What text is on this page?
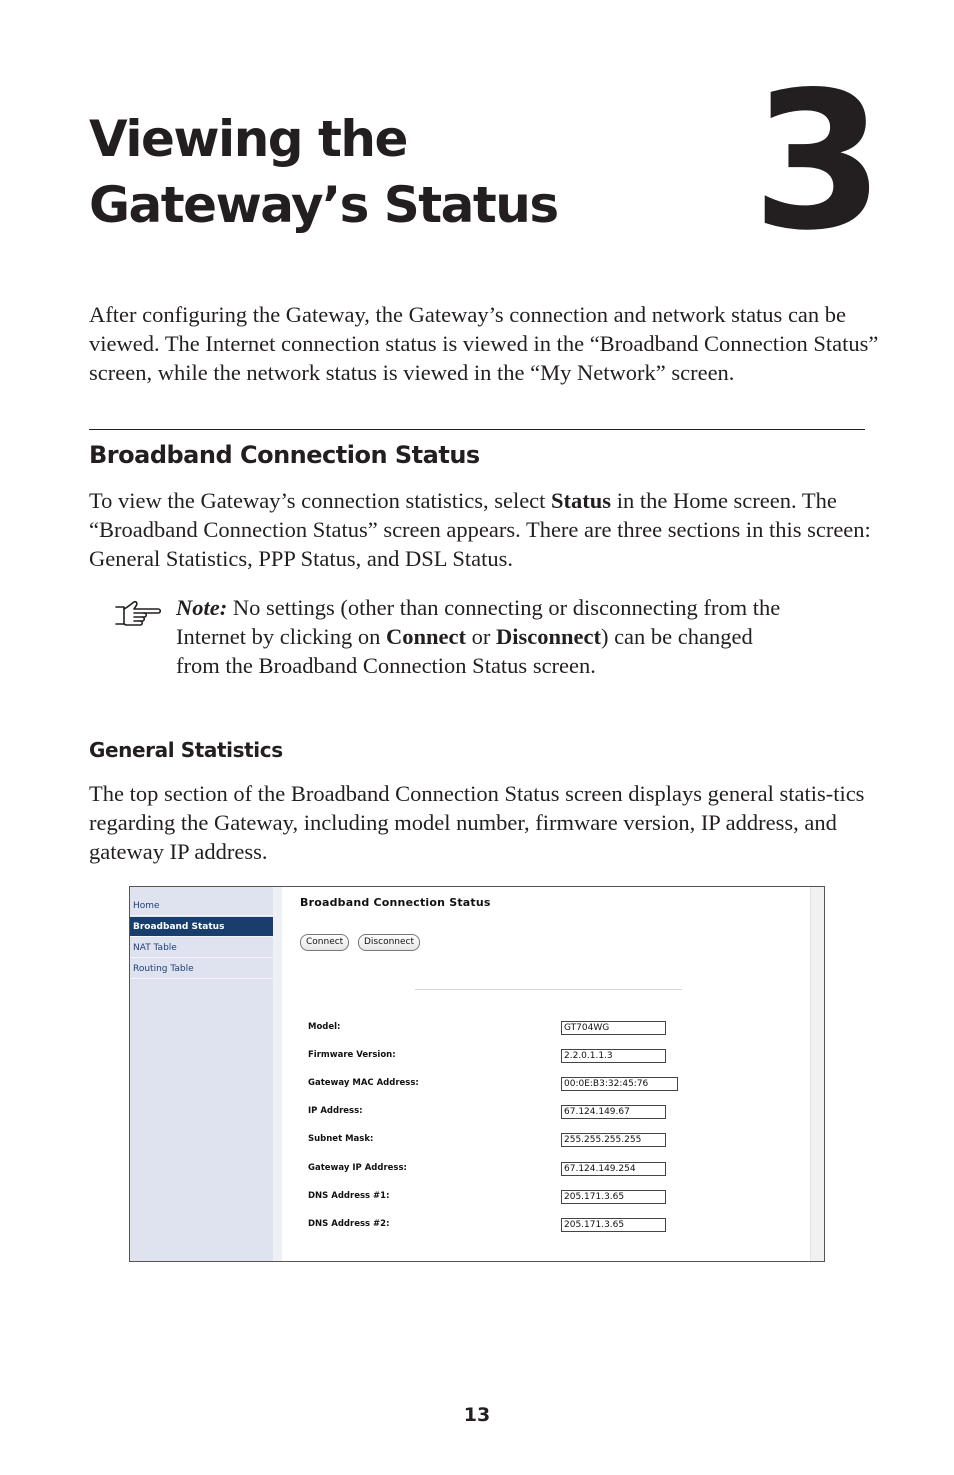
Viewing the
Gateway’s Status	3

After configuring the Gateway, the Gateway’s connection and network status can be viewed. The Internet connection status is viewed in the “Broadband Connection Status” screen, while the network status is viewed in the “My Network” screen.

Broadband Connection Status

To view the Gateway’s connection statistics, select Status in the Home screen. The “Broadband Connection Status” screen appears. There are three sections in this screen: General Statistics, PPP Status, and DSL Status.

Note: No settings (other than connecting or disconnecting from the Internet by clicking on Connect or Disconnect) can be changed from the Broadband Connection Status screen.

General Statistics

The top section of the Broadband Connection Status screen displays general statis-tics regarding the Gateway, including model number, firmware version, IP address, and gateway IP address.

Home
Broadband Status
NAT Table
Routing Table
Broadband Connection Status
Connect	Disconnect
Model:	GT704WG
Firmware Version:	2.2.0.1.1.3
Gateway MAC Address:	00:0E:B3:32:45:76
IP Address:	67.124.149.67
Subnet Mask:	255.255.255.255
Gateway IP Address:	67.124.149.254
DNS Address #1:	205.171.3.65
DNS Address #2:	205.171.3.65
13
